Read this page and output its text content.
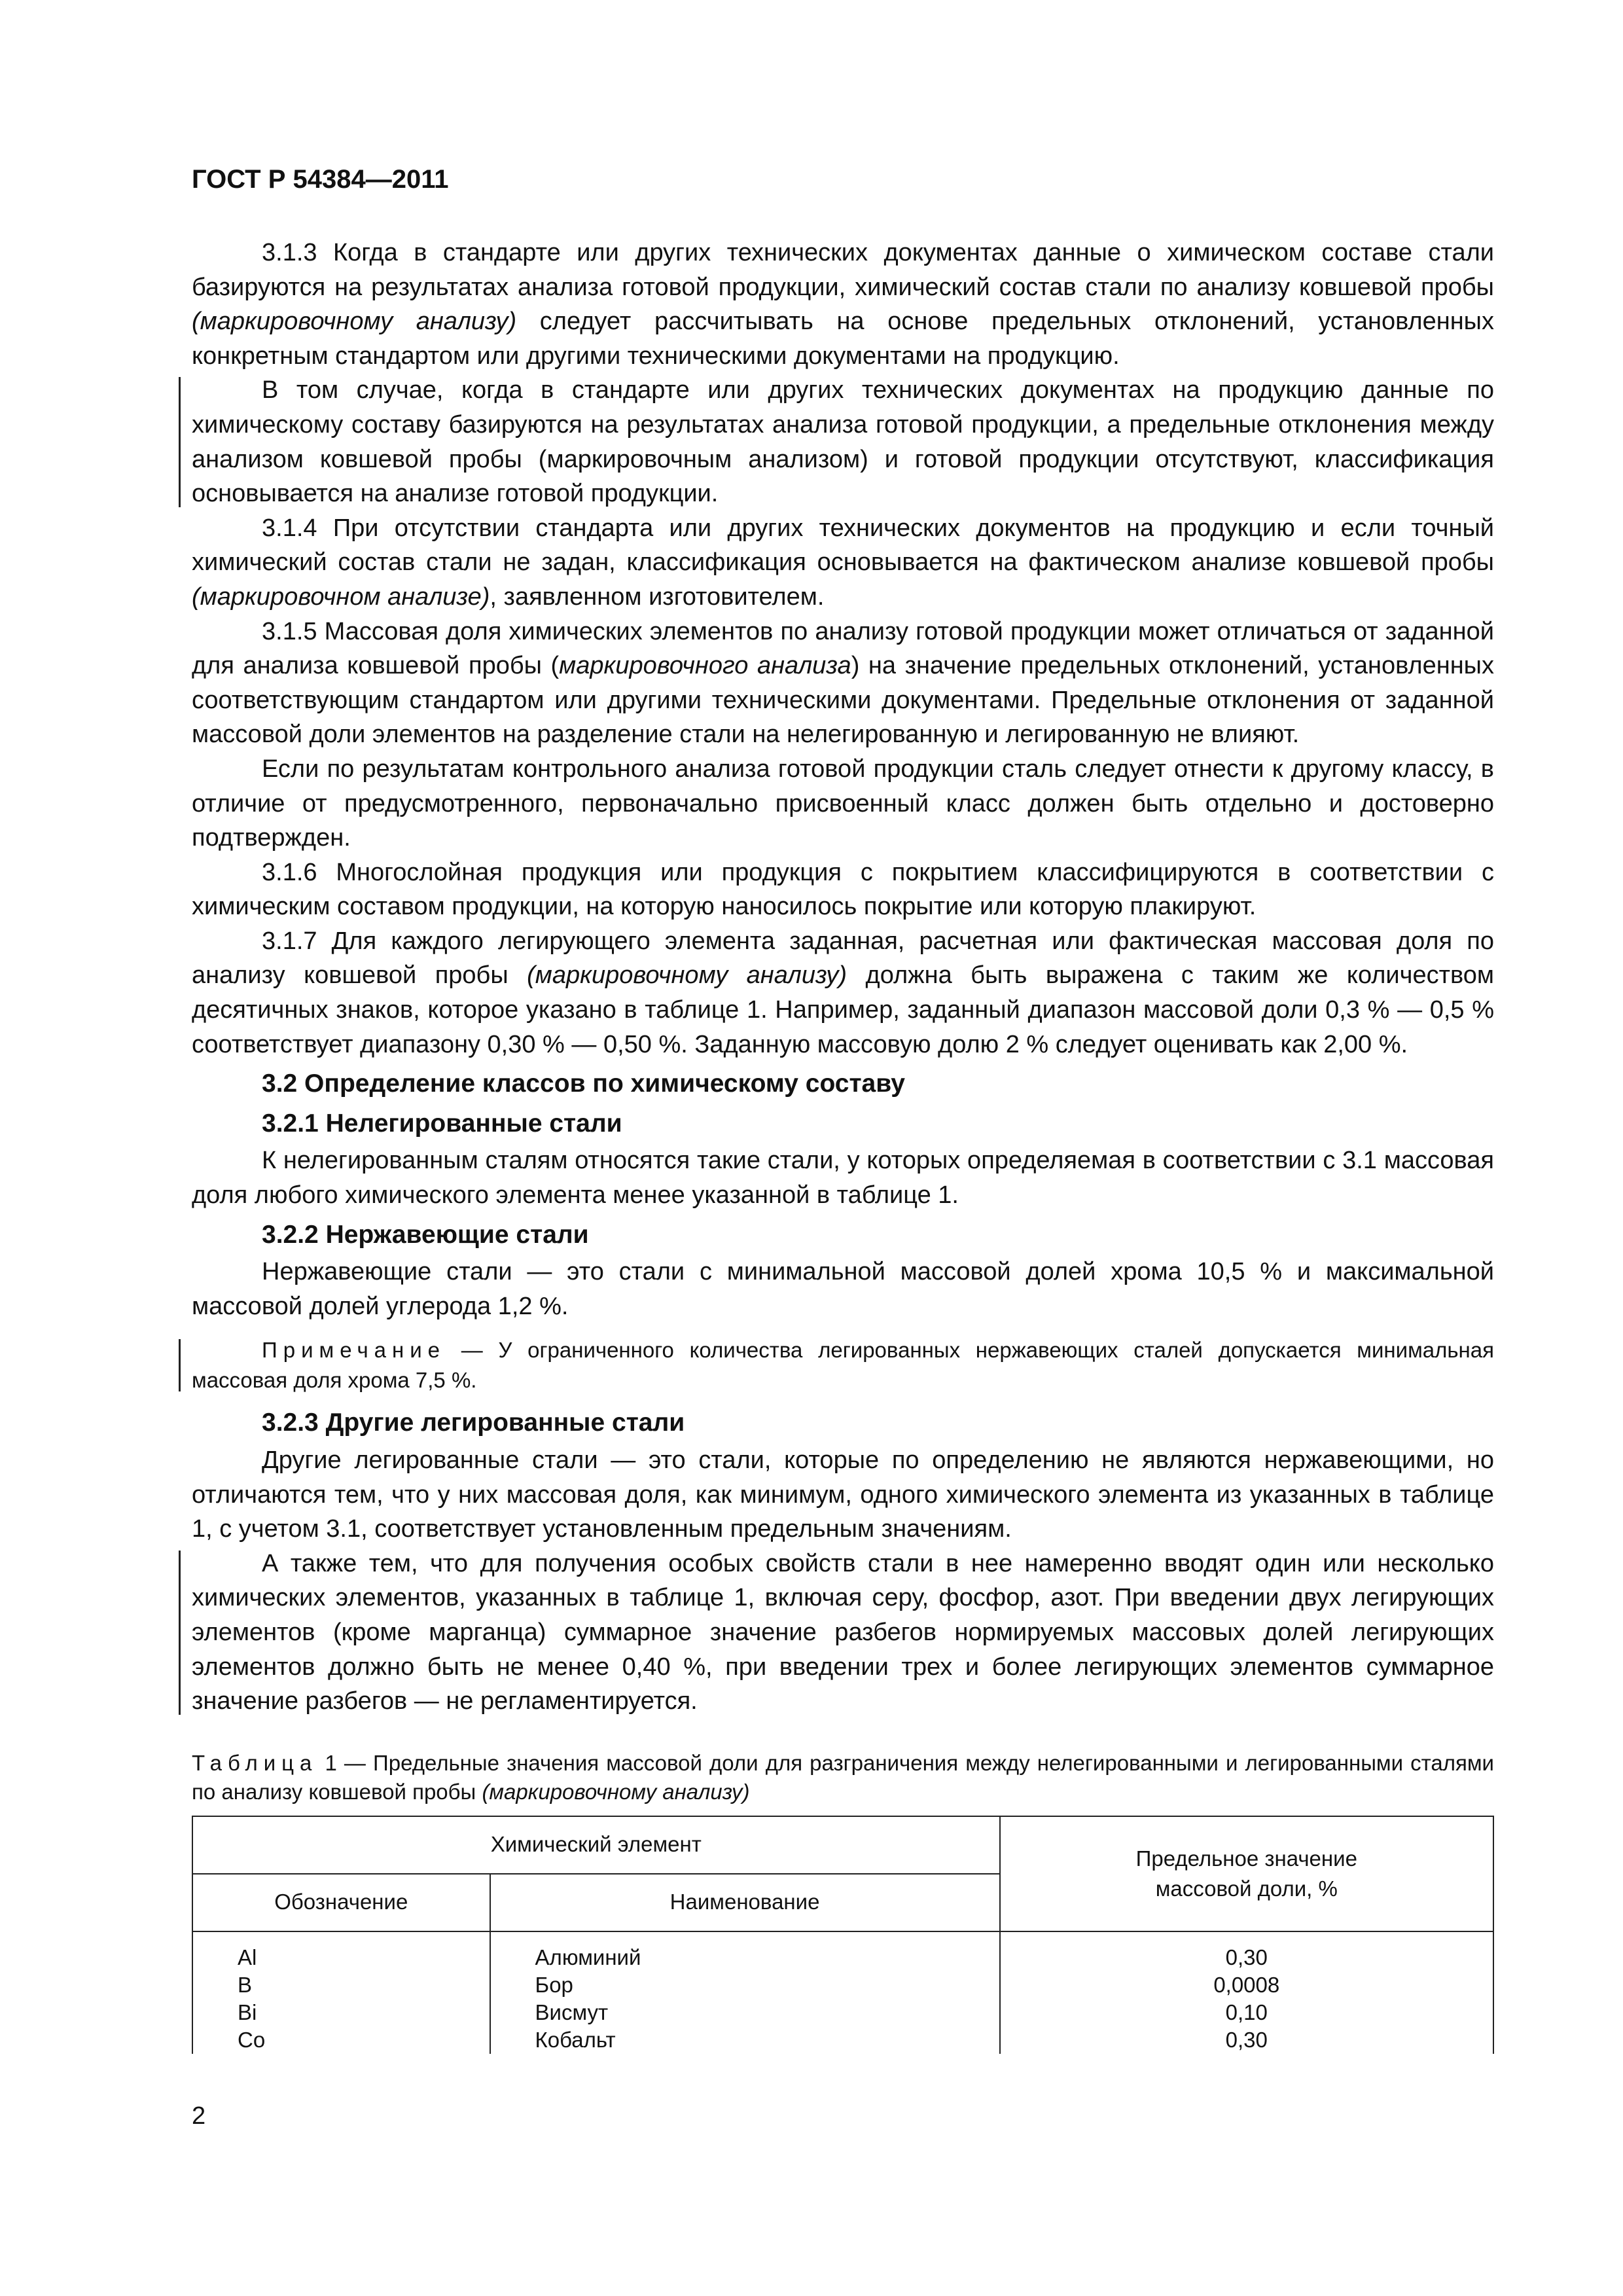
ГОСТ Р 54384—2011

3.1.3 Когда в стандарте или других технических документах данные о химическом составе стали базируются на результатах анализа готовой продукции, химический состав стали по анализу ковшевой пробы (маркировочному анализу) следует рассчитывать на основе предельных отклонений, установленных конкретным стандартом или другими техническими документами на продукцию.

В том случае, когда в стандарте или других технических документах на продукцию данные по химическому составу базируются на результатах анализа готовой продукции, а предельные отклонения между анализом ковшевой пробы (маркировочным анализом) и готовой продукции отсутствуют, классификация основывается на анализе готовой продукции.

3.1.4 При отсутствии стандарта или других технических документов на продукцию и если точный химический состав стали не задан, классификация основывается на фактическом анализе ковшевой пробы (маркировочном анализе), заявленном изготовителем.

3.1.5 Массовая доля химических элементов по анализу готовой продукции может отличаться от заданной для анализа ковшевой пробы (маркировочного анализа) на значение предельных отклонений, установленных соответствующим стандартом или другими техническими документами. Предельные отклонения от заданной массовой доли элементов на разделение стали на нелегированную и легированную не влияют.

Если по результатам контрольного анализа готовой продукции сталь следует отнести к другому классу, в отличие от предусмотренного, первоначально присвоенный класс должен быть отдельно и достоверно подтвержден.

3.1.6 Многослойная продукция или продукция с покрытием классифицируются в соответствии с химическим составом продукции, на которую наносилось покрытие или которую плакируют.

3.1.7 Для каждого легирующего элемента заданная, расчетная или фактическая массовая доля по анализу ковшевой пробы (маркировочному анализу) должна быть выражена с таким же количеством десятичных знаков, которое указано в таблице 1. Например, заданный диапазон массовой доли 0,3 % — 0,5 % соответствует диапазону 0,30 % — 0,50 %. Заданную массовую долю 2 % следует оценивать как 2,00 %.

3.2 Определение классов по химическому составу
3.2.1 Нелегированные стали

К нелегированным сталям относятся такие стали, у которых определяемая в соответствии с 3.1 массовая доля любого химического элемента менее указанной в таблице 1.

3.2.2 Нержавеющие стали

Нержавеющие стали — это стали с минимальной массовой долей хрома 10,5 % и максимальной массовой долей углерода 1,2 %.

Примечание — У ограниченного количества легированных нержавеющих сталей допускается минимальная массовая доля хрома 7,5 %.

3.2.3 Другие легированные стали

Другие легированные стали — это стали, которые по определению не являются нержавеющими, но отличаются тем, что у них массовая доля, как минимум, одного химического элемента из указанных в таблице 1, с учетом 3.1, соответствует установленным предельным значениям.

А также тем, что для получения особых свойств стали в нее намеренно вводят один или несколько химических элементов, указанных в таблице 1, включая серу, фосфор, азот. При введении двух легирующих элементов (кроме марганца) суммарное значение разбегов нормируемых массовых долей легирующих элементов должно быть не менее 0,40 %, при введении трех и более легирующих элементов суммарное значение разбегов — не регламентируется.

Таблица 1 — Предельные значения массовой доли для разграничения между нелегированными и легированными сталями по анализу ковшевой пробы (маркировочному анализу)
Химический элемент		Предельное значение массовой доли, %

Обозначение	Наименование	
Al	Алюминий	0,30
B	Бор	0,0008
Bi	Висмут	0,10
Co	Кобальт	0,30
2
